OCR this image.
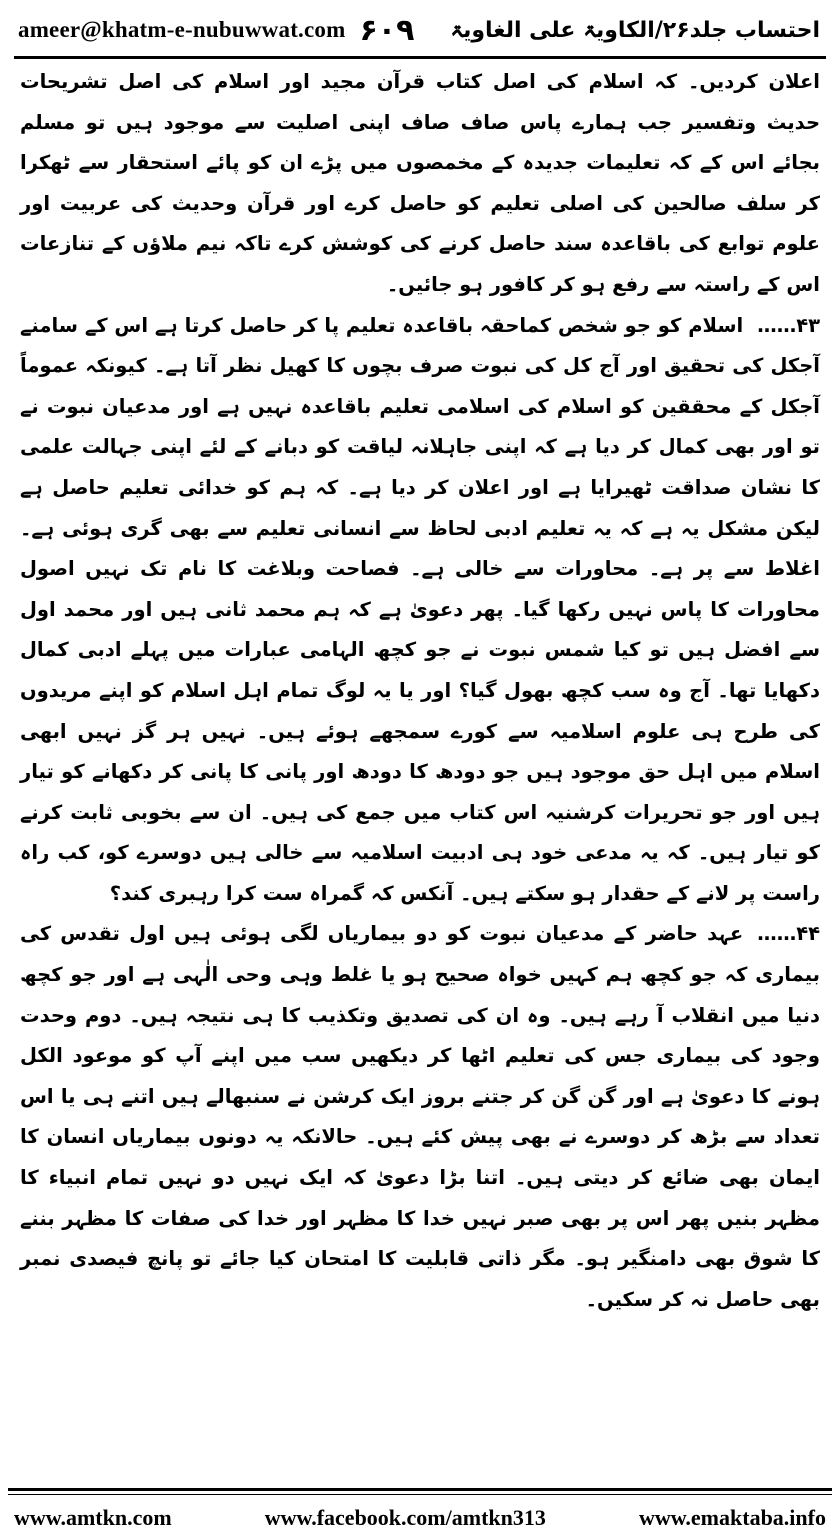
ameer@khatm-e-nubuwwat.com ۶۰۹ احتساب جلد۲۶/الکاویۃ علی الغاویۃ

اعلان کردیں۔ کہ اسلام کی اصل کتاب قرآن مجید اور اسلام کی اصل تشریحات حدیث وتفسیر جب ہمارے پاس صاف صاف اپنی اصلیت سے موجود ہیں تو مسلم بجائے اس کے کہ تعلیمات جدیدہ کے مخمصوں میں پڑے ان کو پائے استحقار سے ٹھکرا کر سلف صالحین کی اصلی تعلیم کو حاصل کرے اور قرآن وحدیث کی عربیت اور علوم توابع کی باقاعدہ سند حاصل کرنے کی کوشش کرے تاکہ نیم ملاؤں کے تنازعات اس کے راستہ سے رفع ہو کر کافور ہو جائیں۔

۴۳……اسلام کو جو شخص کماحقہ باقاعدہ تعلیم پا کر حاصل کرتا ہے اس کے سامنے آجکل کی تحقیق اور آج کل کی نبوت صرف بچوں کا کھیل نظر آتا ہے۔ کیونکہ عموماً آجکل کے محققین کو اسلام کی اسلامی تعلیم باقاعدہ نہیں ہے اور مدعیان نبوت نے تو اور بھی کمال کر دیا ہے کہ اپنی جاہلانہ لیاقت کو دبانے کے لئے اپنی جہالت علمی کا نشان صداقت ٹھیرایا ہے اور اعلان کر دیا ہے۔ کہ ہم کو خدائی تعلیم حاصل ہے لیکن مشکل یہ ہے کہ یہ تعلیم ادبی لحاظ سے انسانی تعلیم سے بھی گری ہوئی ہے۔ اغلاط سے پر ہے۔ محاورات سے خالی ہے۔ فصاحت وبلاغت کا نام تک نہیں اصول محاورات کا پاس نہیں رکھا گیا۔ پھر دعویٰ ہے کہ ہم محمد ثانی ہیں اور محمد اول سے افضل ہیں تو کیا شمس نبوت نے جو کچھ الہامی عبارات میں پہلے ادبی کمال دکھایا تھا۔ آج وہ سب کچھ بھول گیا؟ اور یا یہ لوگ تمام اہل اسلام کو اپنے مریدوں کی طرح ہی علوم اسلامیہ سے کورے سمجھے ہوئے ہیں۔ نہیں ہر گز نہیں ابھی اسلام میں اہل حق موجود ہیں جو دودھ کا دودھ اور پانی کا پانی کر دکھانے کو تیار ہیں اور جو تحریرات کرشنیہ اس کتاب میں جمع کی ہیں۔ ان سے بخوبی ثابت کرنے کو تیار ہیں۔ کہ یہ مدعی خود ہی ادبیت اسلامیہ سے خالی ہیں دوسرے کو، کب راہ راست پر لانے کے حقدار ہو سکتے ہیں۔ آنکس کہ گمراہ ست کرا رہبری کند؟

۴۴……عہد حاضر کے مدعیان نبوت کو دو بیماریاں لگی ہوئی ہیں اول تقدس کی بیماری کہ جو کچھ ہم کہیں خواہ صحیح ہو یا غلط وہی وحی الٰہی ہے اور جو کچھ دنیا میں انقلاب آ رہے ہیں۔ وہ ان کی تصدیق وتکذیب کا ہی نتیجہ ہیں۔ دوم وحدت وجود کی بیماری جس کی تعلیم اٹھا کر دیکھیں سب میں اپنے آپ کو موعود الکل ہونے کا دعویٰ ہے اور گن گن کر جتنے بروز ایک کرشن نے سنبھالے ہیں اتنے ہی یا اس تعداد سے بڑھ کر دوسرے نے بھی پیش کئے ہیں۔ حالانکہ یہ دونوں بیماریاں انسان کا ایمان بھی ضائع کر دیتی ہیں۔ اتنا بڑا دعویٰ کہ ایک نہیں دو نہیں تمام انبیاء کا مظہر بنیں پھر اس پر بھی صبر نہیں خدا کا مظہر اور خدا کی صفات کا مظہر بننے کا شوق بھی دامنگیر ہو۔ مگر ذاتی قابلیت کا امتحان کیا جائے تو پانچ فیصدی نمبر بھی حاصل نہ کر سکیں۔

www.amtkn.com	www.facebook.com/amtkn313	www.emaktaba.info
